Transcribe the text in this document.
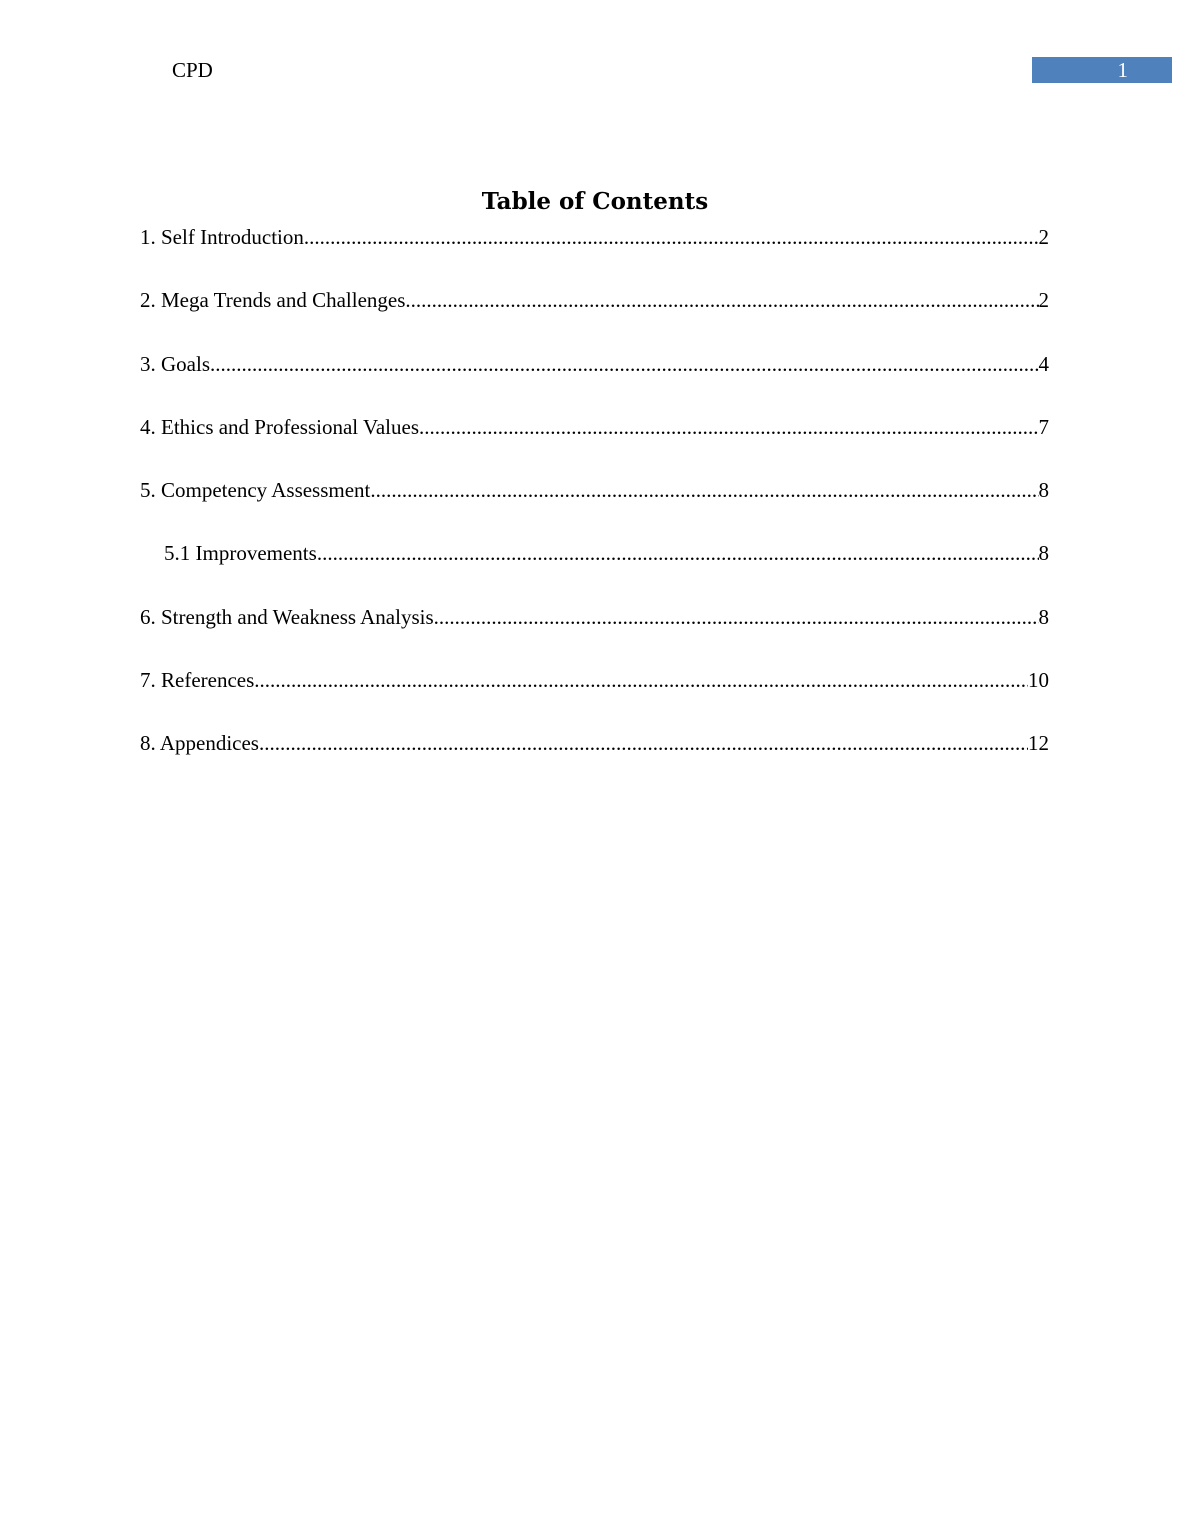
CPD	1
Table of Contents
1. Self Introduction .....	2
2. Mega Trends and Challenges .....	2
3. Goals .....	4
4. Ethics and Professional Values .....	7
5. Competency Assessment .....	8
5.1 Improvements .....	8
6. Strength and Weakness Analysis .....	8
7. References .....	10
8. Appendices .....	12
